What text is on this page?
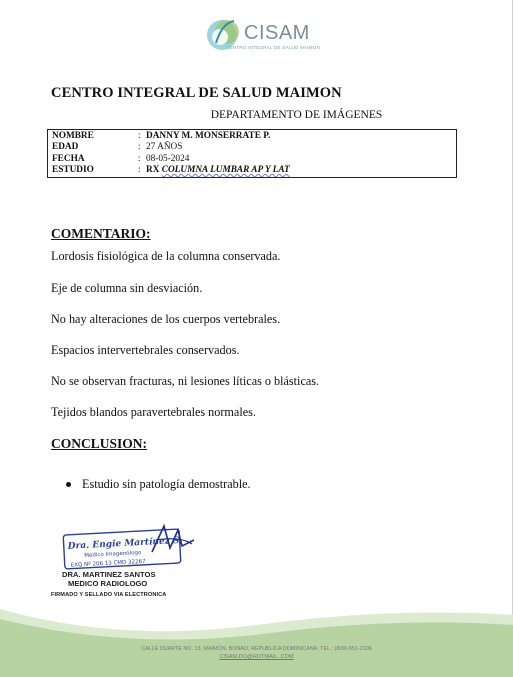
CISAM
CENTRO INTEGRAL DE SALUD MAIMON
CENTRO INTEGRAL DE SALUD MAIMON
DEPARTAMENTO DE IMÁGENES
NOMBRE	: DANNY M. MONSERRATE P.
EDAD	: 27 AÑOS
FECHA	: 08-05-2024
ESTUDIO	: RX COLUMNA LUMBAR AP Y LAT
COMENTARIO:
Lordosis fisiológica de la columna conservada.
Eje de columna sin desviación.
No hay alteraciones de los cuerpos vertebrales.
Espacios intervertebrales conservados.
No se observan fracturas, ni lesiones líticas o blásticas.
Tejidos blandos paravertebrales normales.
CONCLUSION:
Estudio sin patología demostrable.
Dra. Engie Martínez S.
Medico Imagenólogo
EXQ Nº 206 13 CMD 32267
DRA. MARTINEZ SANTOS
MEDICO RADIOLOGO
FIRMADO Y SELLADO VIA ELECTRONICA
CALLE DUARTE NO. 13, MAIMÓN, BONAO, REPUBLICA DOMINICANA, TEL.: (809)-551-2106
CISAM.DO@HOTMAIL. COM
